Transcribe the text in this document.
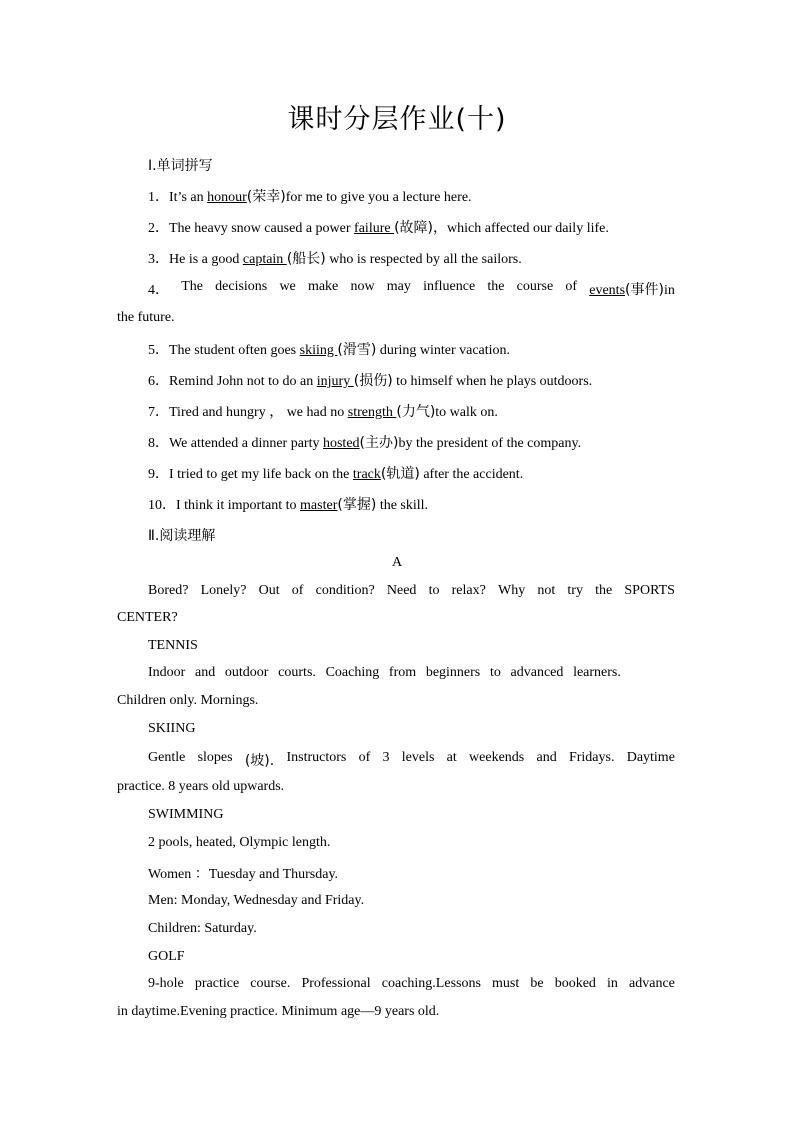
课时分层作业(十)
Ⅰ.单词拼写
1．It’s an honour(荣幸)for me to give you a lecture here.
2．The heavy snow caused a power failure (故障)，which affected our daily life.
3．He is a good captain (船长) who is respected by all the sailors.
4． The decisions we make now may influence the course of events(事件)in
the future.
5．The student often goes skiing (滑雪) during winter vacation.
6．Remind John not to do an injury (损伤) to himself when he plays outdoors.
7．Tired and hungry ， we had no strength (力气)to walk on.
8．We attended a dinner party hosted(主办)by the president of the company.
9．I tried to get my life back on the track(轨道) after the accident.
10．I think it important to master(掌握) the skill.
Ⅱ.阅读理解
A
Bored? Lonely? Out of condition? Need to relax? Why not try the SPORTS
CENTER?
TENNIS
Indoor and outdoor courts. Coaching from beginners to advanced learners.
Children only. Mornings.
SKIING
Gentle slopes (坡). Instructors of 3 levels at weekends and Fridays. Daytime
practice. 8 years old upwards.
SWIMMING
2 pools, heated, Olympic length.
Women ：Tuesday and Thursday.
Men: Monday, Wednesday and Friday.
Children: Saturday.
GOLF
9-hole practice course. Professional coaching.Lessons must be booked in advance
in daytime.Evening practice. Minimum age—9 years old.
